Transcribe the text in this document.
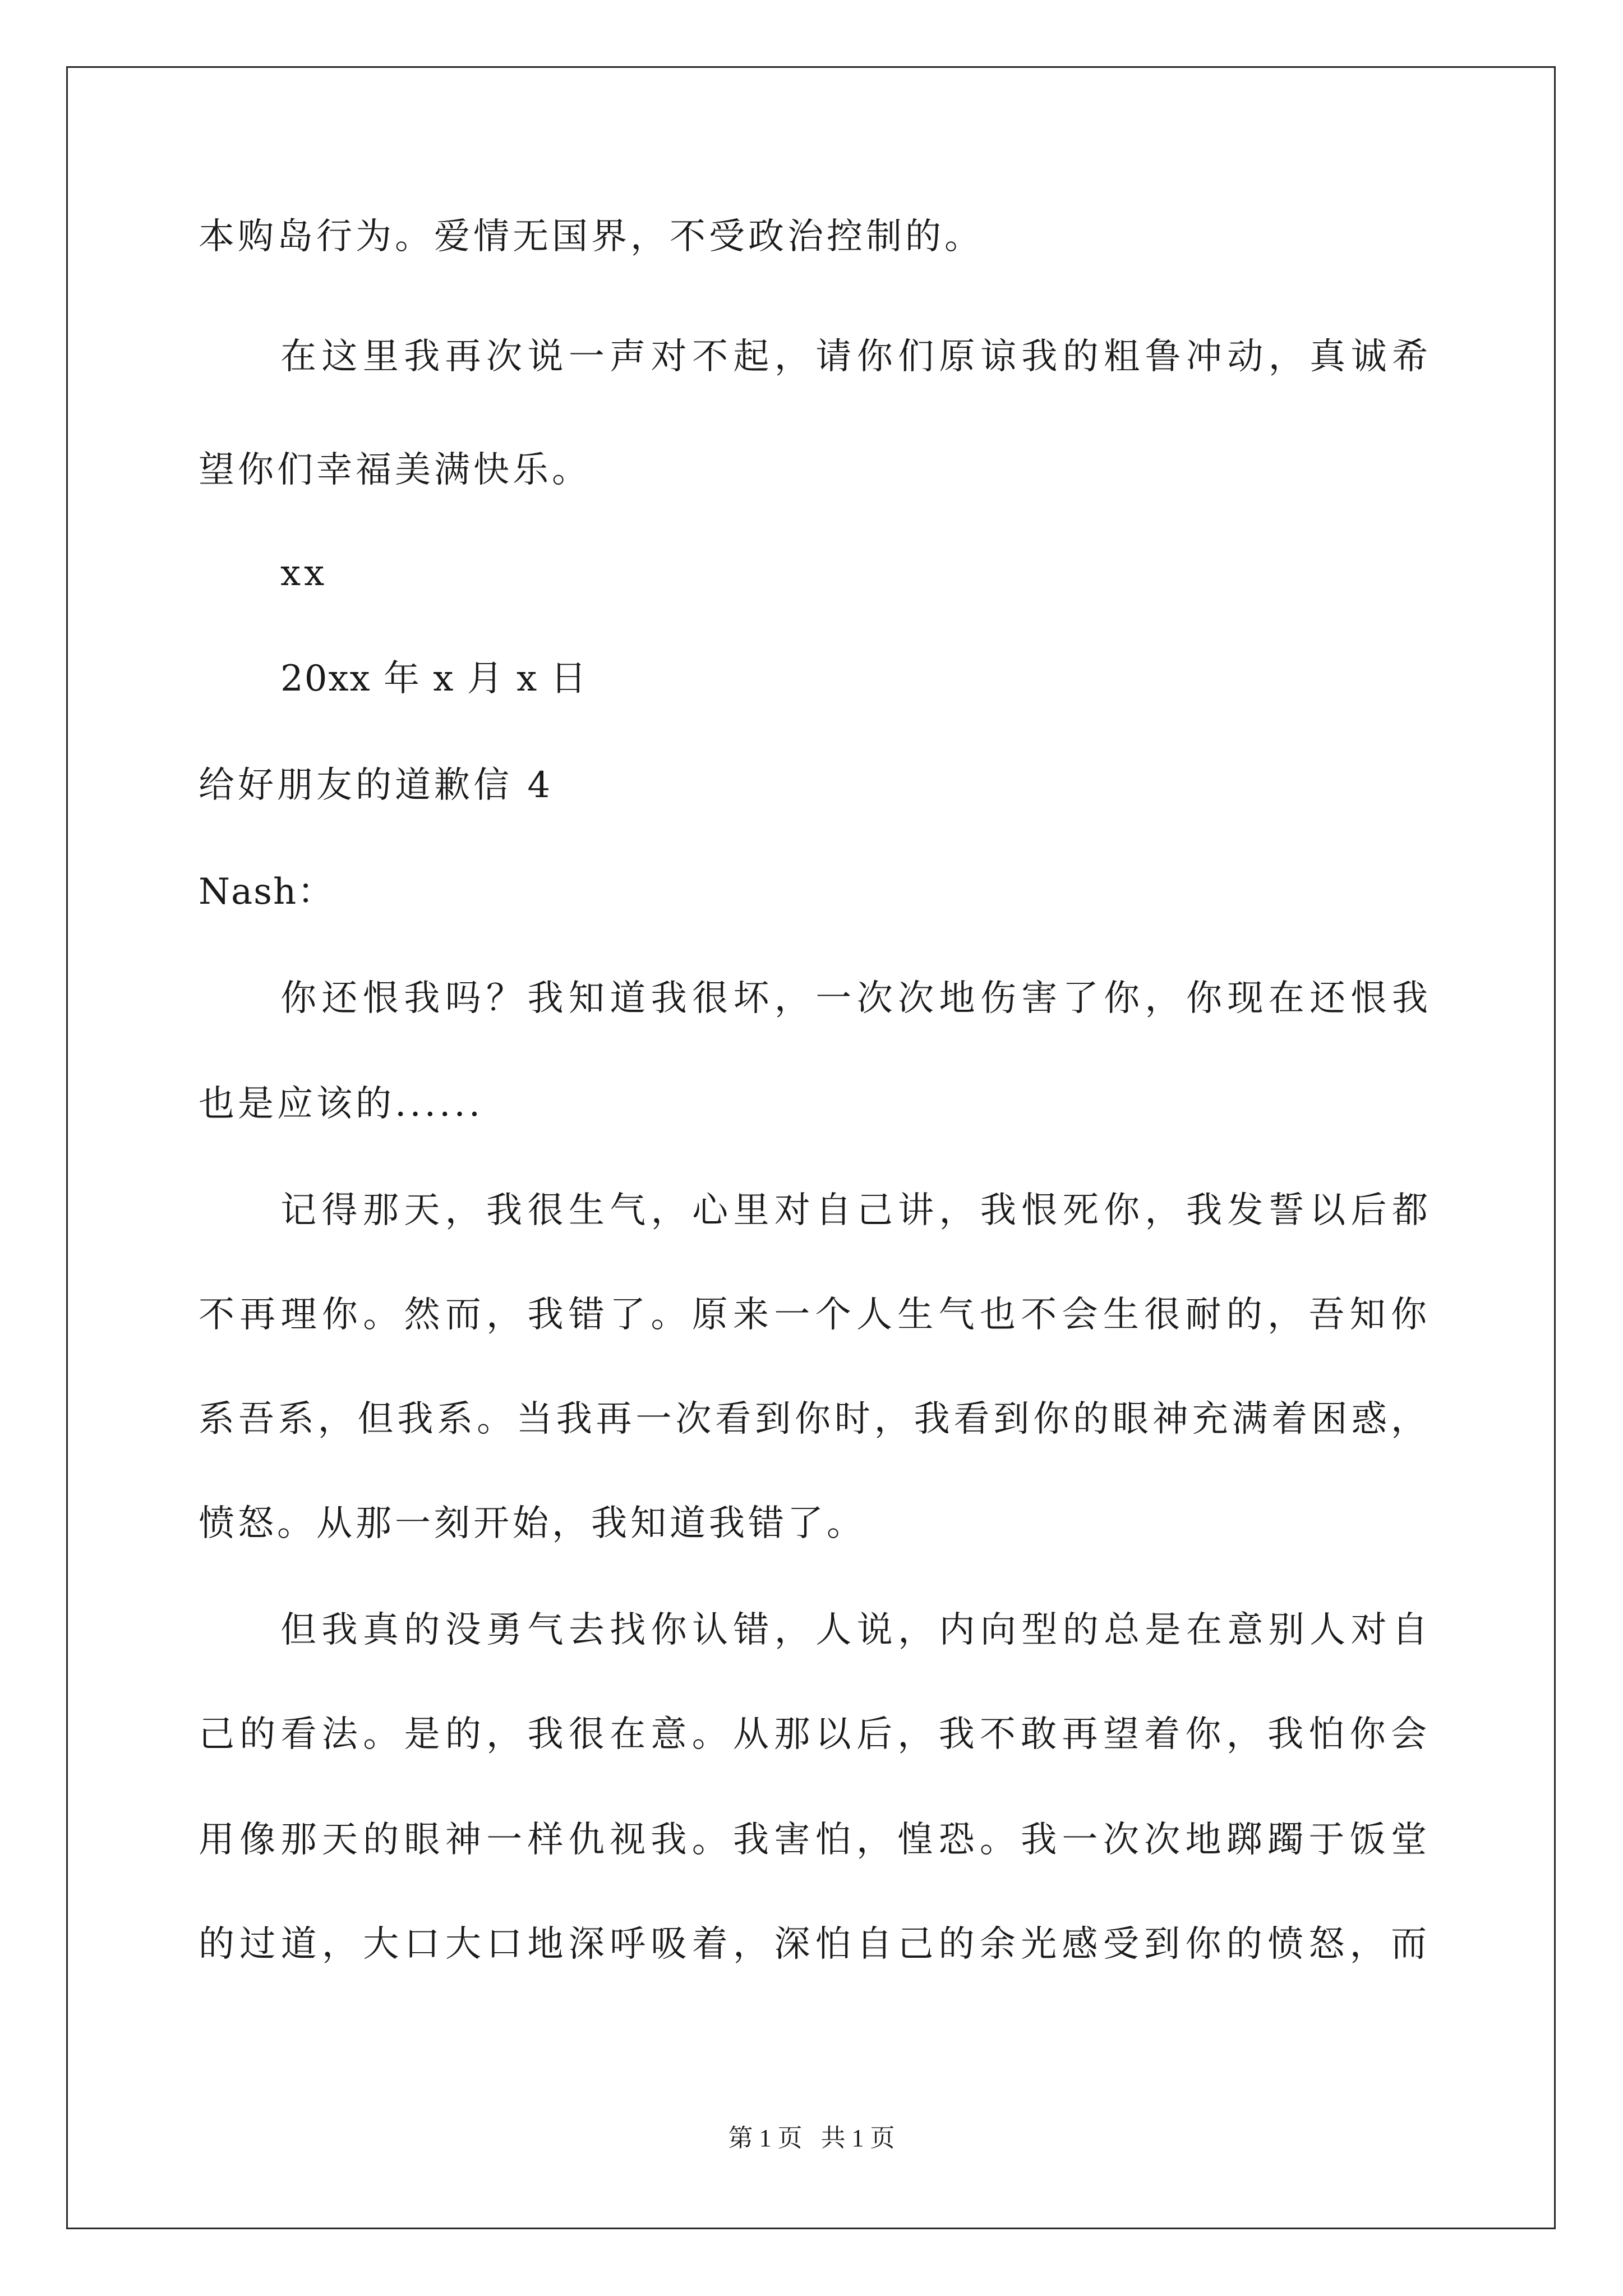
本购岛行为。爱情无国界，不受政治控制的。
在这里我再次说一声对不起，请你们原谅我的粗鲁冲动，真诚希
望你们幸福美满快乐。
xx
20xx 年 x 月 x 日
给好朋友的道歉信 4
Nash：
你还恨我吗？我知道我很坏，一次次地伤害了你，你现在还恨我
也是应该的......
记得那天，我很生气，心里对自己讲，我恨死你，我发誓以后都
不再理你。然而，我错了。原来一个人生气也不会生很耐的，吾知你
系吾系，但我系。当我再一次看到你时，我看到你的眼神充满着困惑，
愤怒。从那一刻开始，我知道我错了。
但我真的没勇气去找你认错，人说，内向型的总是在意别人对自
己的看法。是的，我很在意。从那以后，我不敢再望着你，我怕你会
用像那天的眼神一样仇视我。我害怕，惶恐。我一次次地踯躅于饭堂
的过道，大口大口地深呼吸着，深怕自己的余光感受到你的愤怒，而
第 1 页   共 1 页
